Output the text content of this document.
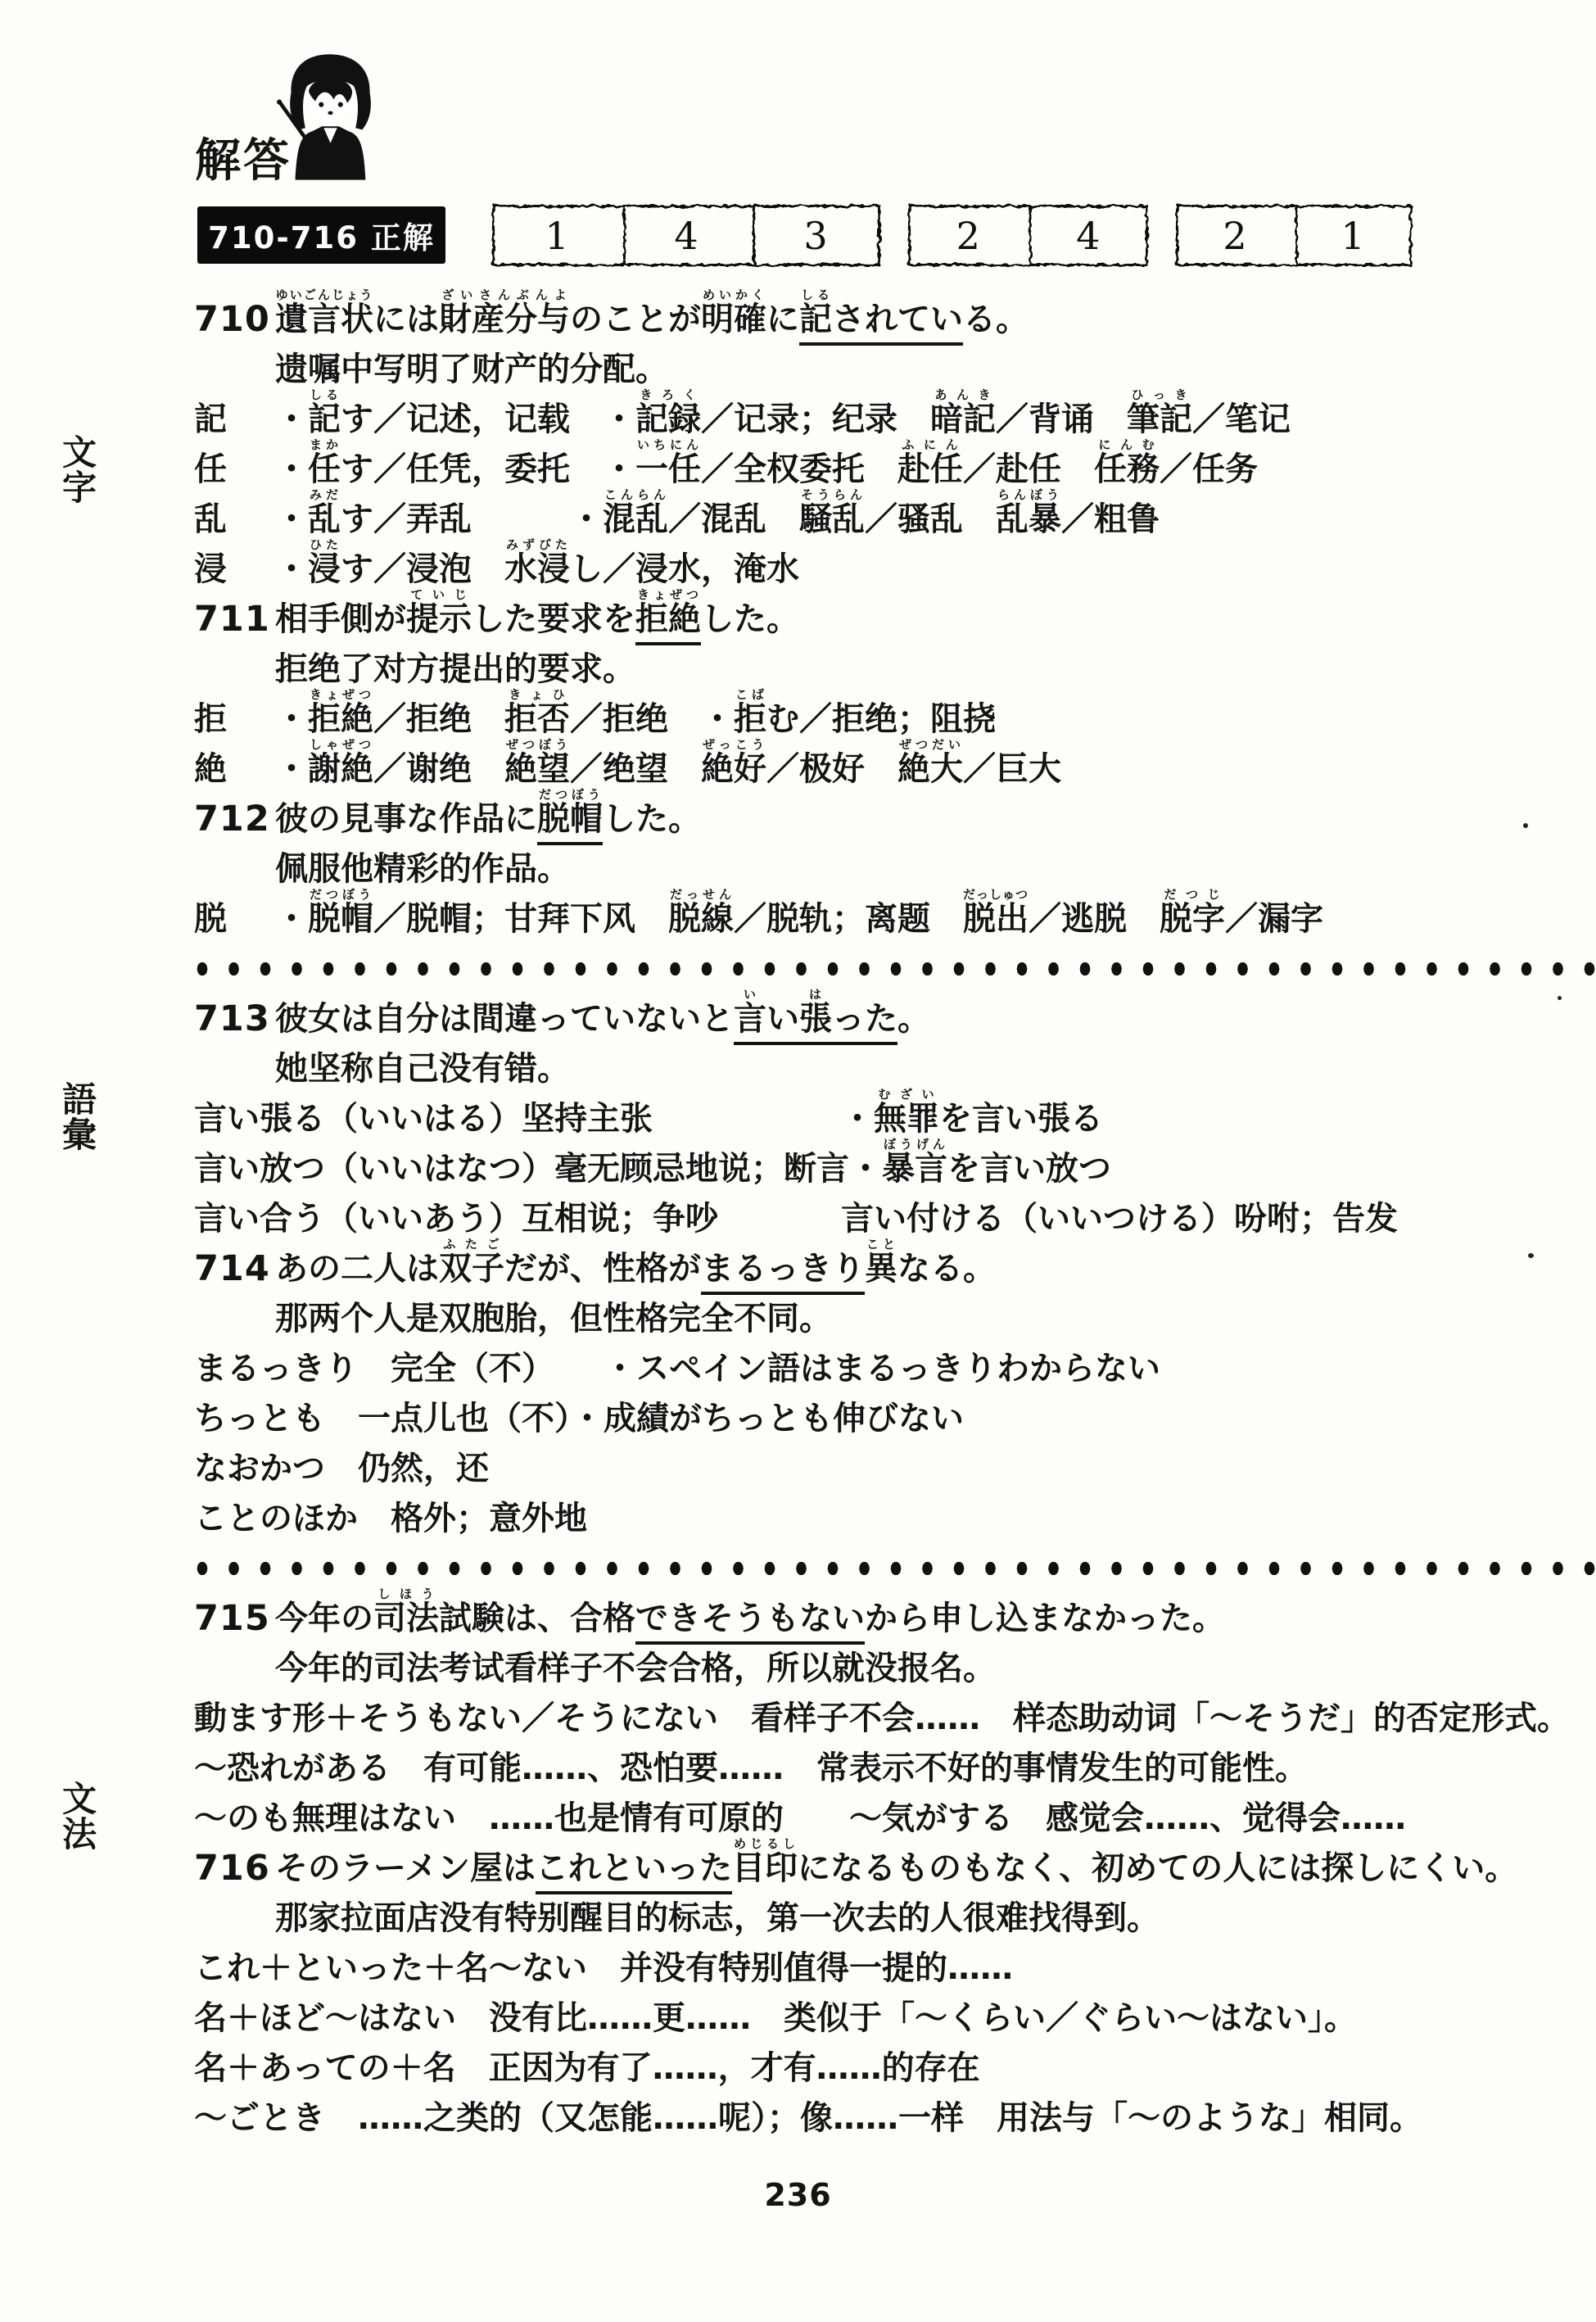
解答
710-716 正解	1	4	3	2	4	2	1
文字
語彙
文法
710 遺言状ゆいごんじょうには財産分与ざいさんぶんよのことが明確めいかくに記しるされている。
遗嘱中写明了财产的分配。
記	・記しるす／记述，记载　・記録きろく／记录；纪录　暗記あんき／背诵　筆記ひっき／笔记
任	・任まかす／任凭，委托　・一任いちにん／全权委托　赴任ふにん／赴任　任務にんむ／任务
乱	・乱みだす／弄乱　　　・混乱こんらん／混乱　騒乱そうらん／骚乱　乱暴らんぼう／粗鲁
浸	・浸ひたす／浸泡　水浸みずびたし／浸水，淹水
711 相手側が提示ていじした要求を拒絶きょぜつした。
拒绝了对方提出的要求。
拒	・拒絶きょぜつ／拒绝　拒否きょひ／拒绝　・拒こばむ／拒绝；阻挠
絶	・謝絶しゃぜつ／谢绝　絶望ぜつぼう／绝望　絶好ぜっこう／极好　絶大ぜつだい／巨大
712 彼の見事な作品に脱帽だつぼうした。
佩服他精彩的作品。
脱	・脱帽だつぼう／脱帽；甘拜下风　脱線だっせん／脱轨；离题　脱出だっしゅつ／逃脱　脱字だつじ／漏字
713 彼女は自分は間違っていないと言いい張はった。
她坚称自己没有错。
言い張る（いいはる）坚持主张	・無罪むざいを言い張る
言い放つ（いいはなつ）毫无顾忌地说；断言 ・暴言ぼうげんを言い放つ
言い合う（いいあう）互相说；争吵	言い付ける（いいつける）吩咐；告发
714 あの二人は双子ふたごだが、性格がまるっきり異ことなる。
那两个人是双胞胎，但性格完全不同。
まるっきり　完全（不）　　・スペイン語はまるっきりわからない
ちっとも　一点儿也（不）・成績がちっとも伸びない
なおかつ　仍然，还
ことのほか　格外；意外地
715 今年の司法しほう試験は、合格できそうもないから申し込まなかった。
今年的司法考试看样子不会合格，所以就没报名。
動ます形＋そうもない／そうにない　看样子不会……　样态助动词「〜そうだ」的否定形式。
〜恐れがある　有可能……、恐怕要……　常表示不好的事情发生的可能性。
〜のも無理はない　……也是情有可原的　　〜気がする　感觉会……、觉得会……
716 そのラーメン屋はこれといった目印めじるしになるものもなく、初めての人には探しにくい。
那家拉面店没有特别醒目的标志，第一次去的人很难找得到。
これ＋といった＋名〜ない　并没有特别值得一提的……
名＋ほど〜はない　没有比……更……　类似于「〜くらい／ぐらい〜はない」。
名＋あっての＋名　正因为有了……，才有……的存在
〜ごとき　……之类的（又怎能……呢）；像……一样　用法与「〜のような」相同。
236
